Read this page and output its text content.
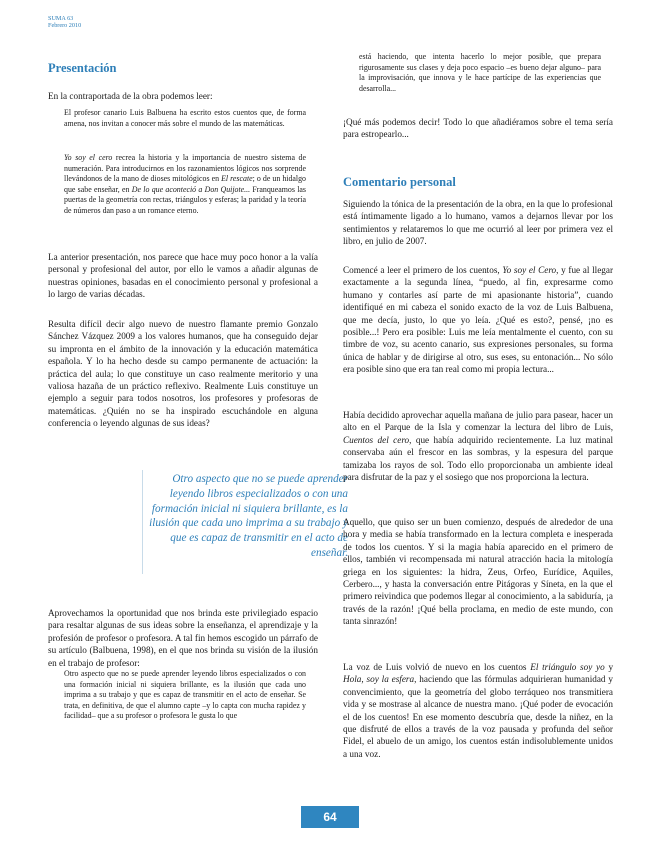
SUMA 63
Febrero 2010
Presentación

En la contraportada de la obra podemos leer:

El profesor canario Luis Balbuena ha escrito estos cuentos que, de forma amena, nos invitan a conocer más sobre el mundo de las matemáticas.

Yo soy el cero recrea la historia y la importancia de nuestro sistema de numeración. Para introducirnos en los razonamientos lógicos nos sorprende llevándonos de la mano de dioses mitológicos en El rescate; o de un hidalgo que sabe enseñar, en De lo que aconteció a Don Quijote... Franqueamos las puertas de la geometría con rectas, triángulos y esferas; la paridad y la teoría de números dan paso a un romance eterno.

La anterior presentación, nos parece que hace muy poco honor a la valía personal y profesional del autor, por ello le vamos a añadir algunas de nuestras opiniones, basadas en el conocimiento personal y profesional a lo largo de varias décadas.

Resulta difícil decir algo nuevo de nuestro flamante premio Gonzalo Sánchez Vázquez 2009 a los valores humanos, que ha conseguido dejar su impronta en el ámbito de la innovación y la educación matemática española. Y lo ha hecho desde su campo permanente de actuación: la práctica del aula; lo que constituye un caso realmente meritorio y una valiosa hazaña de un práctico reflexivo. Realmente Luis constituye un ejemplo a seguir para todos nosotros, los profesores y profesoras de matemáticas. ¿Quién no se ha inspirado escuchándole en alguna conferencia o leyendo algunas de sus ideas?

Otro aspecto que no se puede aprender leyendo libros especializados o con una formación inicial ni siquiera brillante, es la ilusión que cada uno imprima a su trabajo y que es capaz de transmitir en el acto de enseñar.

Aprovechamos la oportunidad que nos brinda este privilegiado espacio para resaltar algunas de sus ideas sobre la enseñanza, el aprendizaje y la profesión de profesor o profesora. A tal fin hemos escogido un párrafo de su artículo (Balbuena, 1998), en el que nos brinda su visión de la ilusión en el trabajo de profesor:

Otro aspecto que no se puede aprender leyendo libros especializados o con una formación inicial ni siquiera brillante, es la ilusión que cada uno imprima a su trabajo y que es capaz de transmitir en el acto de enseñar. Se trata, en definitiva, de que el alumno capte –y lo capta con mucha rapidez y facilidad– que a su profesor o profesora le gusta lo que

está haciendo, que intenta hacerlo lo mejor posible, que prepara rigurosamente sus clases y deja poco espacio –es bueno dejar alguno– para la improvisación, que innova y le hace partícipe de las experiencias que desarrolla...

¡Qué más podemos decir! Todo lo que añadiéramos sobre el tema sería para estropearlo...

Comentario personal

Siguiendo la tónica de la presentación de la obra, en la que lo profesional está íntimamente ligado a lo humano, vamos a dejarnos llevar por los sentimientos y relataremos lo que me ocurrió al leer por primera vez el libro, en julio de 2007.

Comencé a leer el primero de los cuentos, Yo soy el Cero, y fue al llegar exactamente a la segunda línea, “puedo, al fin, expresarme como humano y contarles así parte de mi apasionante historia”, cuando identifiqué en mi cabeza el sonido exacto de la voz de Luis Balbuena, que me decía, justo, lo que yo leía. ¿Qué es esto?, pensé, ¡no es posible...! Pero era posible: Luis me leía mentalmente el cuento, con su timbre de voz, su acento canario, sus expresiones personales, su forma única de hablar y de dirigirse al otro, sus eses, su entonación... No sólo era posible sino que era tan real como mi propia lectura...

Había decidido aprovechar aquella mañana de julio para pasear, hacer un alto en el Parque de la Isla y comenzar la lectura del libro de Luis, Cuentos del cero, que había adquirido recientemente. La luz matinal conservaba aún el frescor en las sombras, y la espesura del parque tamizaba los rayos de sol. Todo ello proporcionaba un ambiente ideal para disfrutar de la paz y el sosiego que nos proporciona la lectura.

Aquello, que quiso ser un buen comienzo, después de alrededor de una hora y media se había transformado en la lectura completa e inesperada de todos los cuentos. Y si la magia había aparecido en el primero de ellos, también vi recompensada mi natural atracción hacia la mitología griega en los siguientes: la hidra, Zeus, Orfeo, Eurídice, Aquiles, Cerbero..., y hasta la conversación entre Pitágoras y Síneta, en la que el primero reivindica que podemos llegar al conocimiento, a la sabiduría, ¡a través de la razón! ¡Qué bella proclama, en medio de este mundo, con tanta sinrazón!

La voz de Luis volvió de nuevo en los cuentos El triángulo soy yo y Hola, soy la esfera, haciendo que las fórmulas adquirieran humanidad y convencimiento, que la geometría del globo terráqueo nos transmitiera vida y se mostrase al alcance de nuestra mano. ¡Qué poder de evocación el de los cuentos! En ese momento descubría que, desde la niñez, en la que disfruté de ellos a través de la voz pausada y profunda del señor Fidel, el abuelo de un amigo, los cuentos están indisolublemente unidos a una voz.

64
